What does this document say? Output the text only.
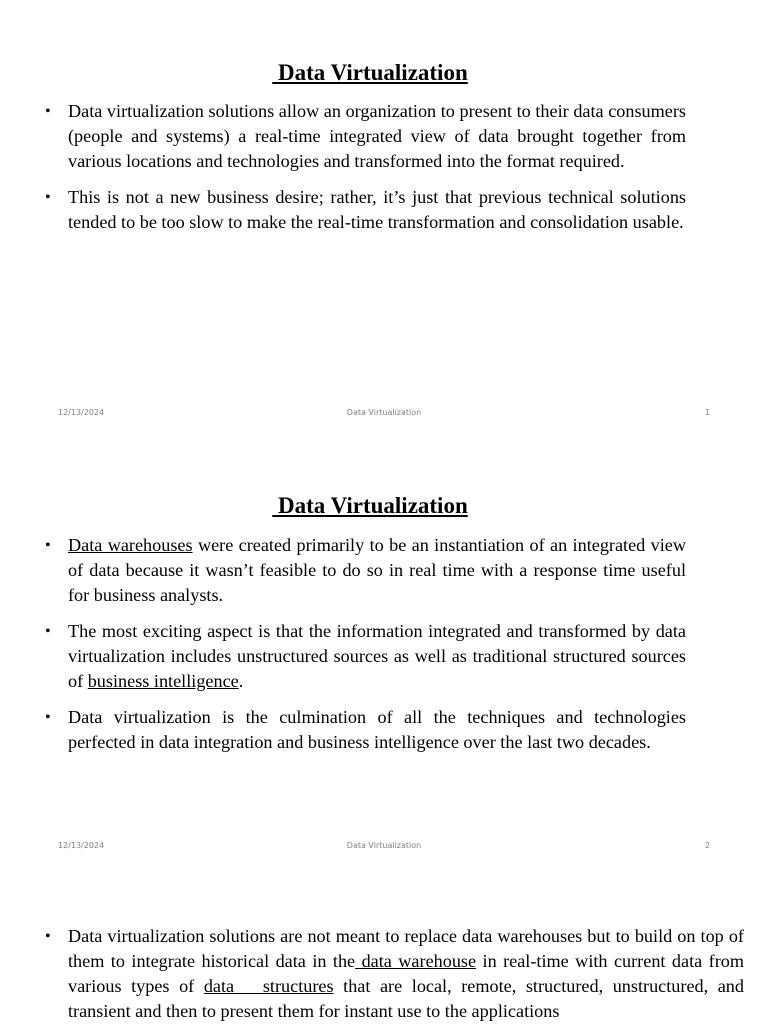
Data Virtualization
• Data virtualization solutions allow an organization to present to their data consumers (people and systems) a real-time integrated view of data brought together from various locations and technologies and transformed into the format required.
• This is not a new business desire; rather, it’s just that previous technical solutions tended to be too slow to make the real-time transformation and consolidation usable.
12/13/2024	Data Virtualization	1
Data Virtualization
• Data warehouses were created primarily to be an instantiation of an integrated view of data because it wasn’t feasible to do so in real time with a response time useful for business analysts.
• The most exciting aspect is that the information integrated and transformed by data virtualization includes unstructured sources as well as traditional structured sources of business intelligence.
• Data virtualization is the culmination of all the techniques and technologies perfected in data integration and business intelligence over the last two decades.
12/13/2024	Data Virtualization	2
• Data virtualization solutions are not meant to replace data warehouses but to build on top of them to integrate historical data in the data warehouse in real-time with current data from various types of data   structures that are local, remote, structured, unstructured, and transient and then to present them for instant use to the applications
